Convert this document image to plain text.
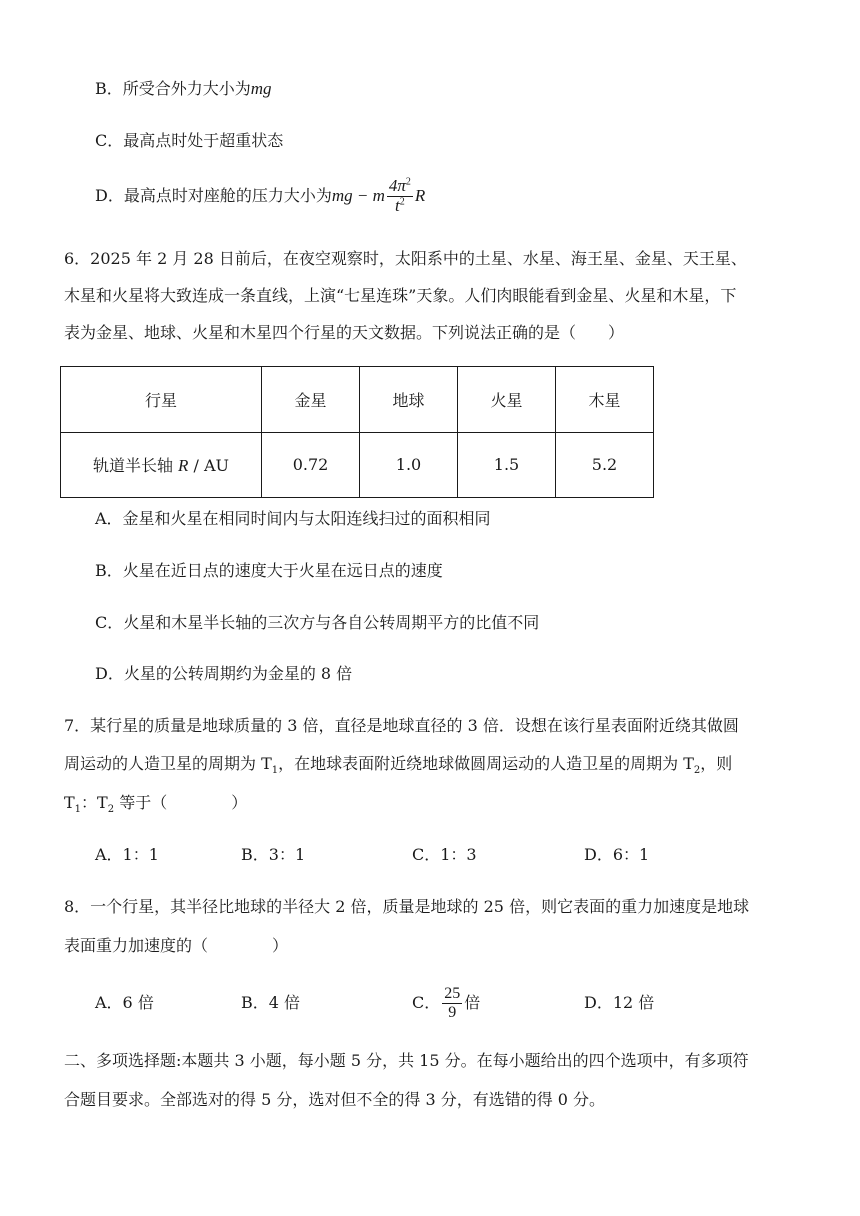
B．所受合外力大小为mg
C．最高点时处于超重状态
D．最高点时对座舱的压力大小为mg − m $\frac{4\pi^2}{t^2}$ R
6．2025 年 2 月 28 日前后，在夜空观察时，太阳系中的土星、水星、海王星、金星、天王星、
木星和火星将大致连成一条直线，上演“七星连珠”天象。人们肉眼能看到金星、火星和木星，下
表为金星、地球、火星和木星四个行星的天文数据。下列说法正确的是（　　）
行星	金星	地球	火星	木星
轨道半长轴 R / AU	0.72	1.0	1.5	5.2
A．金星和火星在相同时间内与太阳连线扫过的面积相同
B．火星在近日点的速度大于火星在远日点的速度
C．火星和木星半长轴的三次方与各自公转周期平方的比值不同
D．火星的公转周期约为金星的 8 倍
7．某行星的质量是地球质量的 3 倍，直径是地球直径的 3 倍．设想在该行星表面附近绕其做圆
周运动的人造卫星的周期为 $T_1$，在地球表面附近绕地球做圆周运动的人造卫星的周期为 $T_2$，则
$T_1$：$T_2$ 等于（　　　　）
A．1：1	B．3：1	C．1：3	D．6：1
8．一个行星，其半径比地球的半径大 2 倍，质量是地球的 25 倍，则它表面的重力加速度是地球
表面重力加速度的（　　　　）
A．6 倍	B．4 倍	C． $\frac{25}{9}$ 倍	D．12 倍
二、多项选择题:本题共 3 小题，每小题 5 分，共 15 分。在每小题给出的四个选项中，有多项符
合题目要求。全部选对的得 5 分，选对但不全的得 3 分，有选错的得 0 分。
